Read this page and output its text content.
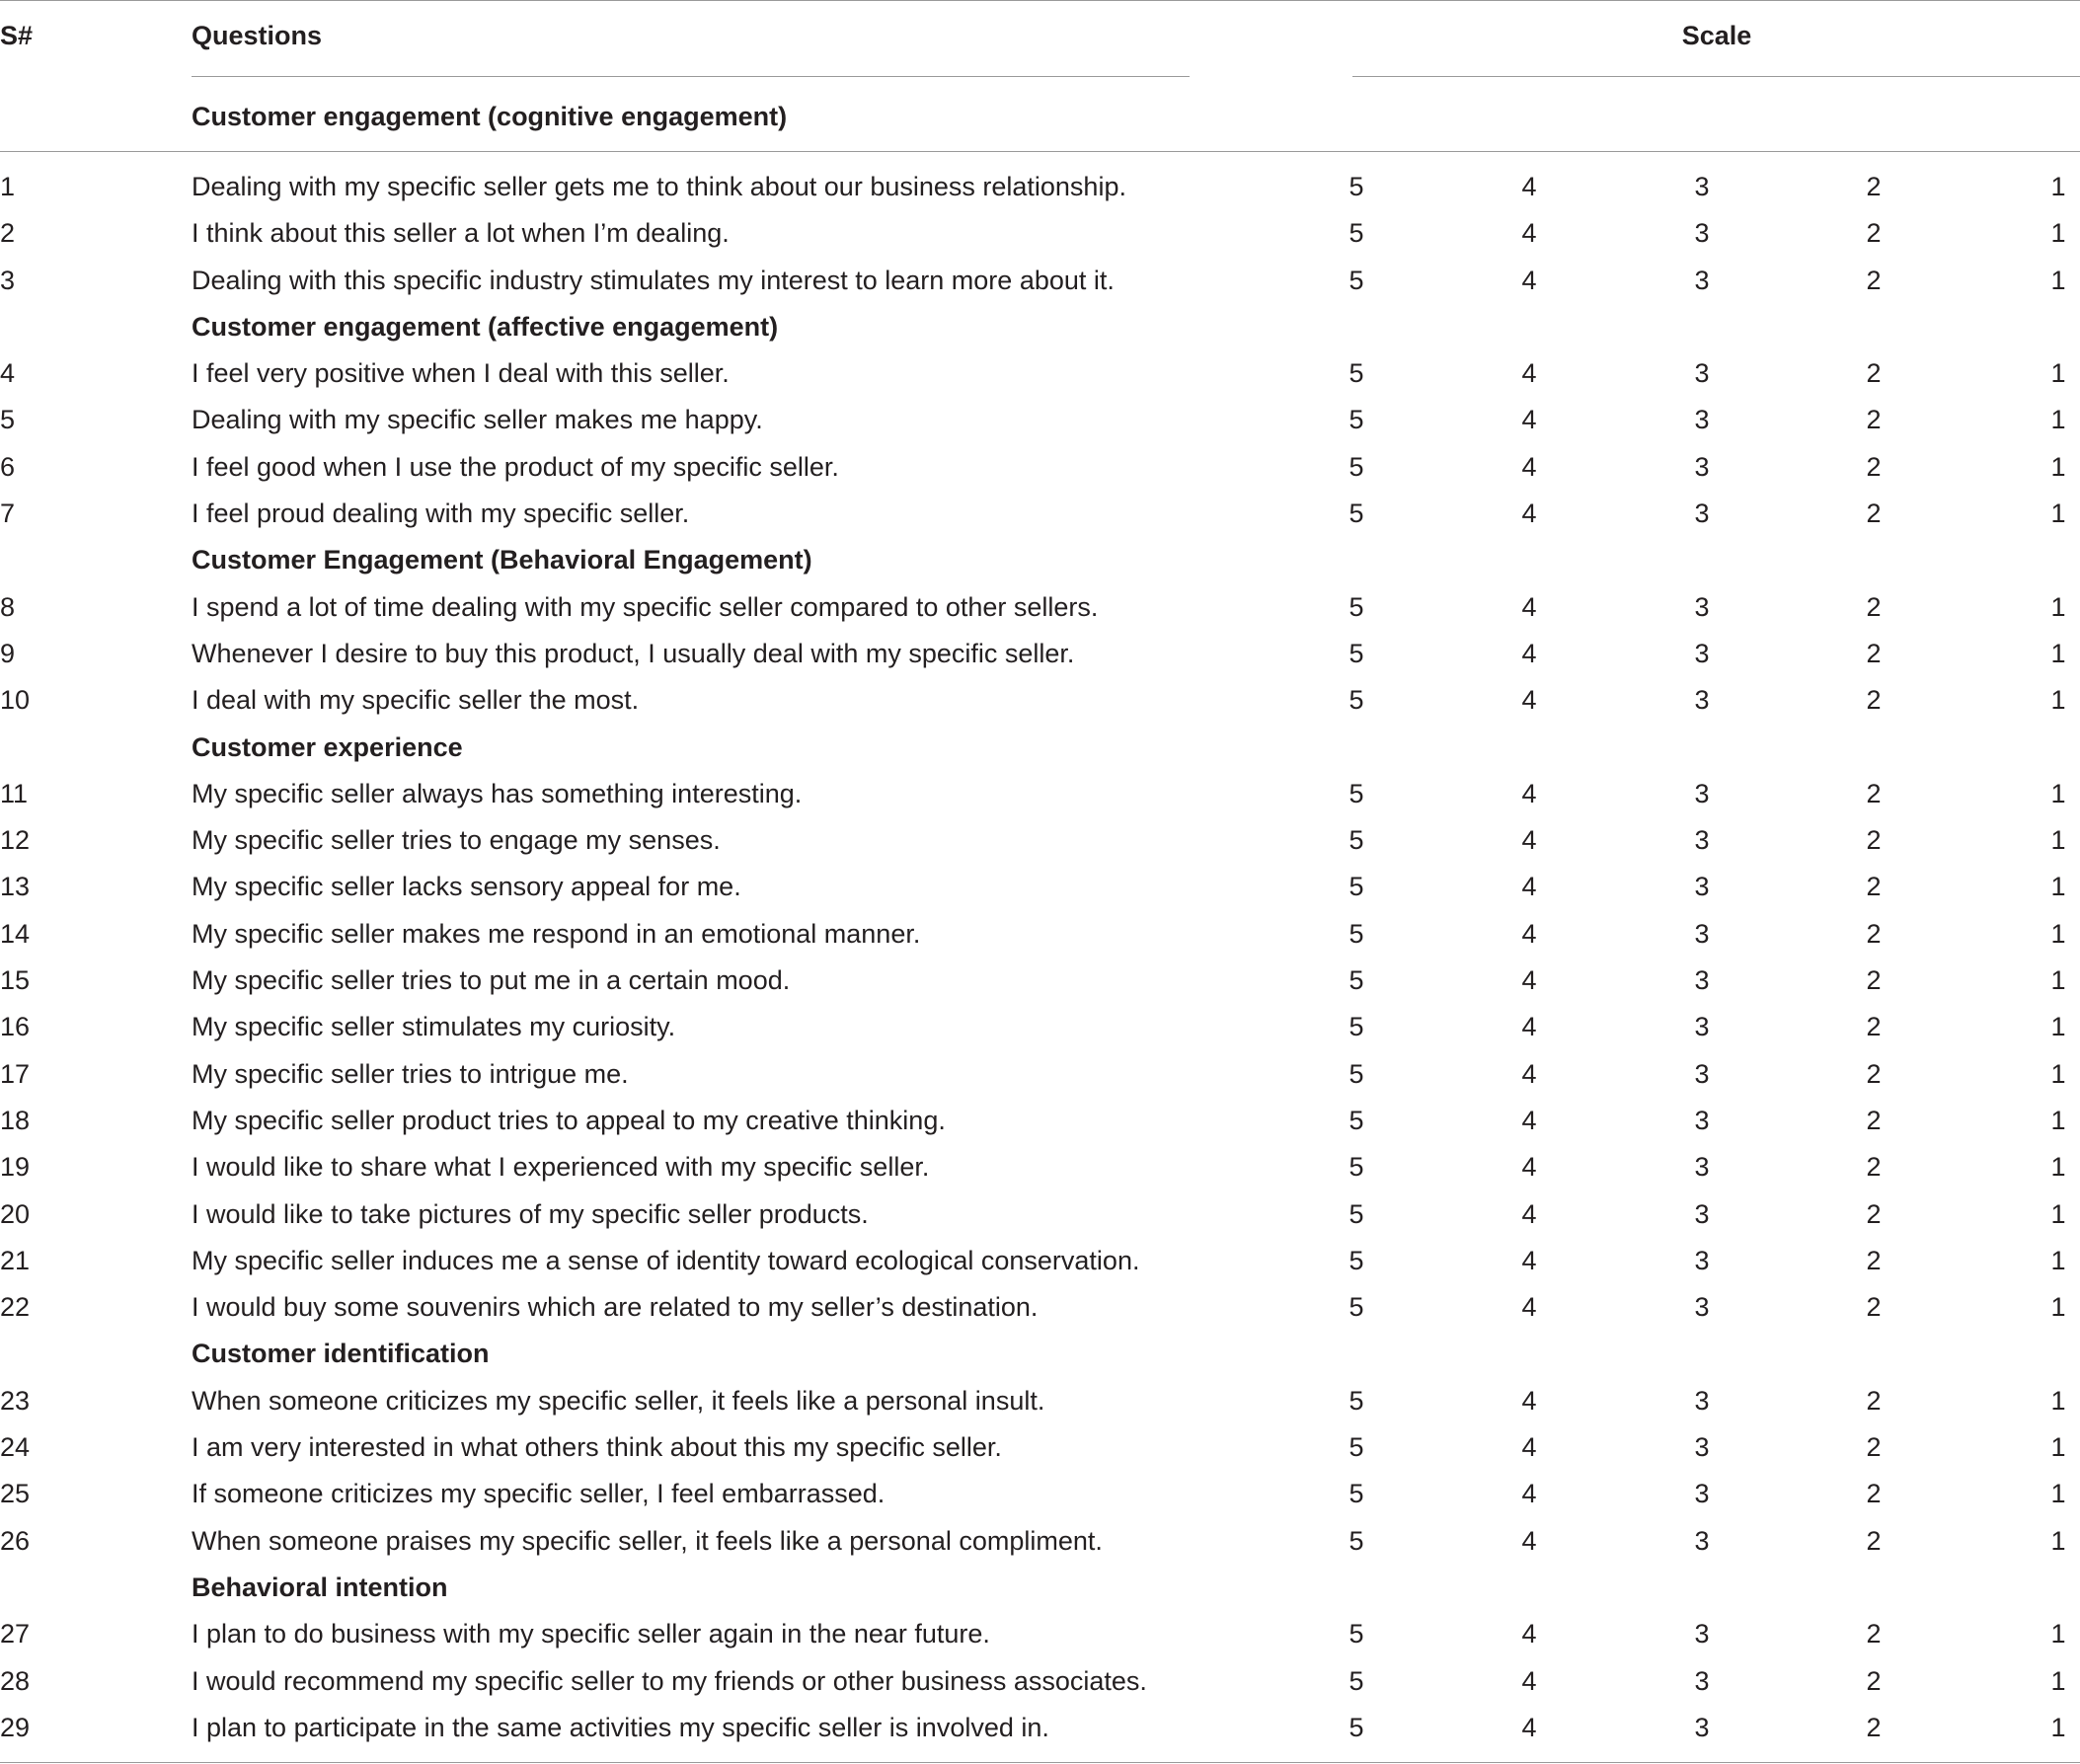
S#	Questions	Scale
Customer engagement (cognitive engagement)
1	Dealing with my specific seller gets me to think about our business relationship.	5	4	3	2	1
2	I think about this seller a lot when I’m dealing.	5	4	3	2	1
3	Dealing with this specific industry stimulates my interest to learn more about it.	5	4	3	2	1
Customer engagement (affective engagement)
4	I feel very positive when I deal with this seller.	5	4	3	2	1
5	Dealing with my specific seller makes me happy.	5	4	3	2	1
6	I feel good when I use the product of my specific seller.	5	4	3	2	1
7	I feel proud dealing with my specific seller.	5	4	3	2	1
Customer Engagement (Behavioral Engagement)
8	I spend a lot of time dealing with my specific seller compared to other sellers.	5	4	3	2	1
9	Whenever I desire to buy this product, I usually deal with my specific seller.	5	4	3	2	1
10	I deal with my specific seller the most.	5	4	3	2	1
Customer experience
11	My specific seller always has something interesting.	5	4	3	2	1
12	My specific seller tries to engage my senses.	5	4	3	2	1
13	My specific seller lacks sensory appeal for me.	5	4	3	2	1
14	My specific seller makes me respond in an emotional manner.	5	4	3	2	1
15	My specific seller tries to put me in a certain mood.	5	4	3	2	1
16	My specific seller stimulates my curiosity.	5	4	3	2	1
17	My specific seller tries to intrigue me.	5	4	3	2	1
18	My specific seller product tries to appeal to my creative thinking.	5	4	3	2	1
19	I would like to share what I experienced with my specific seller.	5	4	3	2	1
20	I would like to take pictures of my specific seller products.	5	4	3	2	1
21	My specific seller induces me a sense of identity toward ecological conservation.	5	4	3	2	1
22	I would buy some souvenirs which are related to my seller’s destination.	5	4	3	2	1
Customer identification
23	When someone criticizes my specific seller, it feels like a personal insult.	5	4	3	2	1
24	I am very interested in what others think about this my specific seller.	5	4	3	2	1
25	If someone criticizes my specific seller, I feel embarrassed.	5	4	3	2	1
26	When someone praises my specific seller, it feels like a personal compliment.	5	4	3	2	1
Behavioral intention
27	I plan to do business with my specific seller again in the near future.	5	4	3	2	1
28	I would recommend my specific seller to my friends or other business associates.	5	4	3	2	1
29	I plan to participate in the same activities my specific seller is involved in.	5	4	3	2	1
